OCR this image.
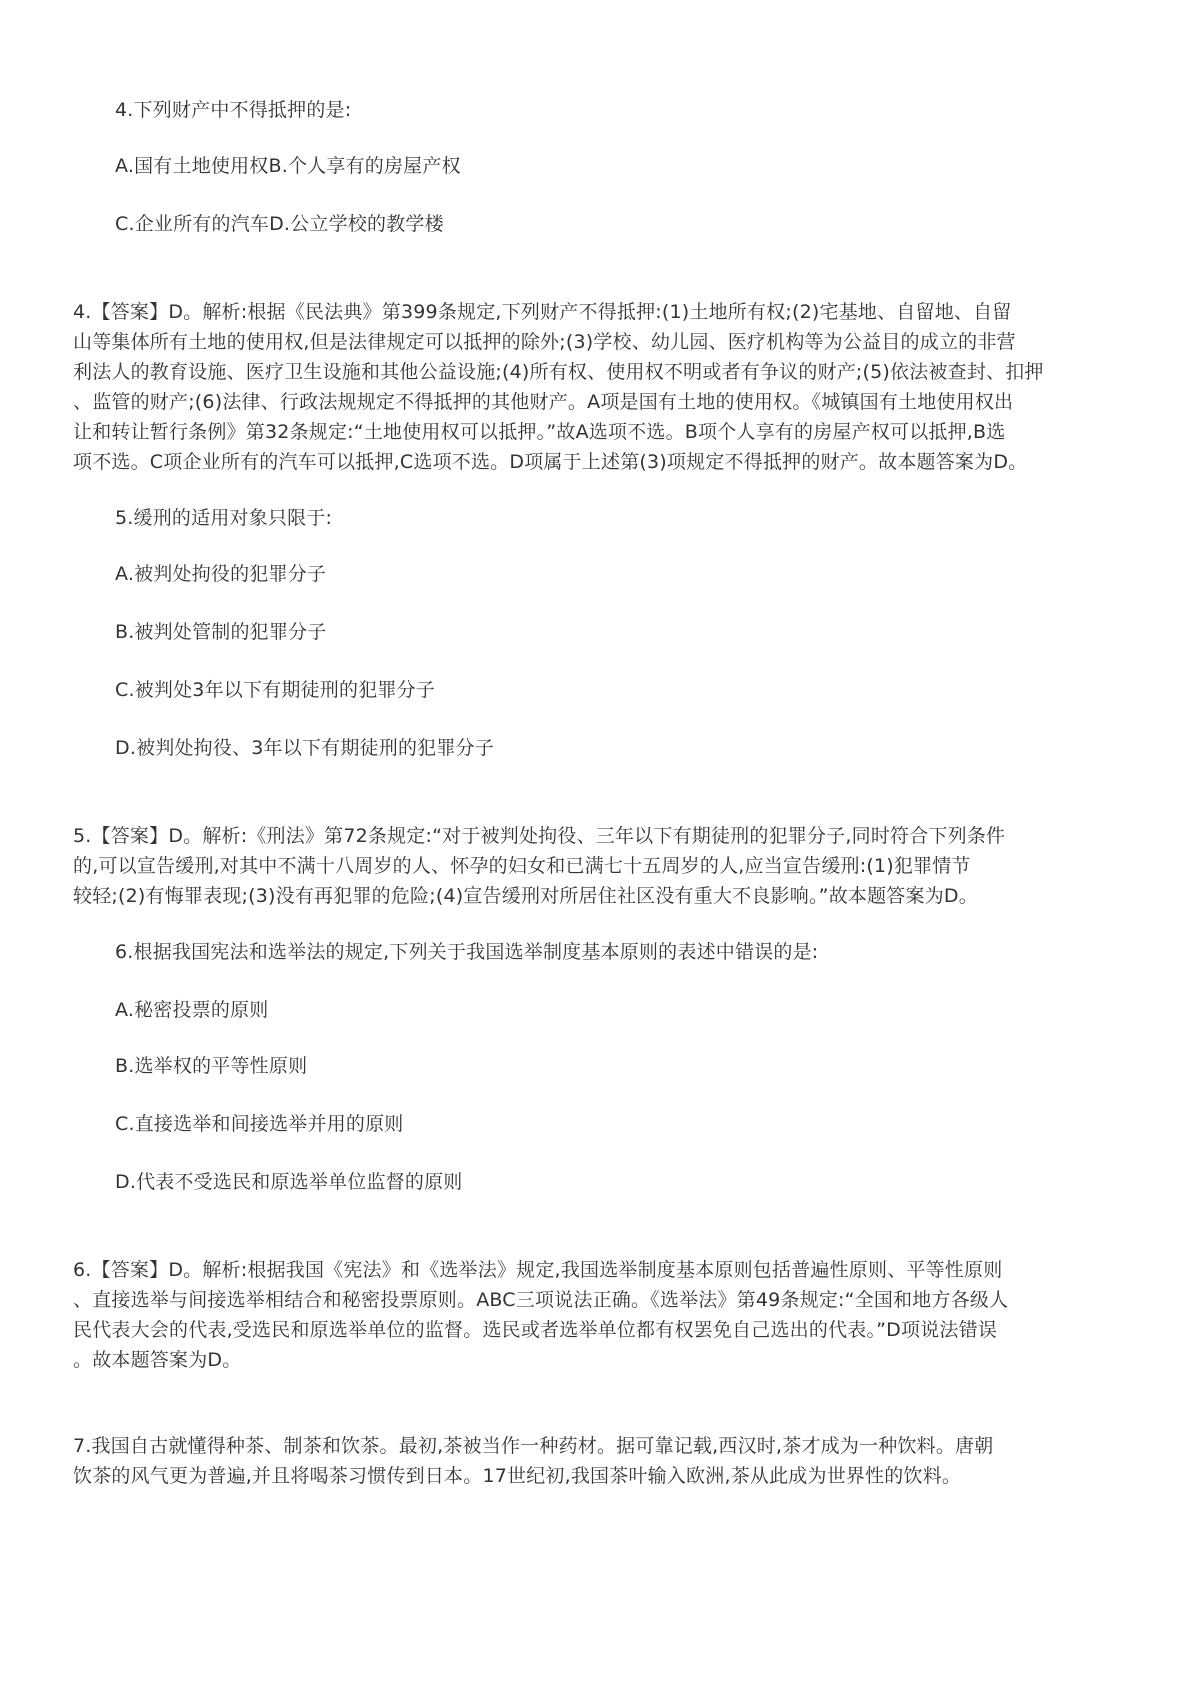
4.下列财产中不得抵押的是:
A.国有土地使用权B.个人享有的房屋产权
C.企业所有的汽车D.公立学校的教学楼
4.【答案】D。解析:根据《民法典》第399条规定,下列财产不得抵押:(1)土地所有权;(2)宅基地、自留地、自留
山等集体所有土地的使用权,但是法律规定可以抵押的除外;(3)学校、幼儿园、医疗机构等为公益目的成立的非营
利法人的教育设施、医疗卫生设施和其他公益设施;(4)所有权、使用权不明或者有争议的财产;(5)依法被查封、扣押
、监管的财产;(6)法律、行政法规规定不得抵押的其他财产。A项是国有土地的使用权。《城镇国有土地使用权出
让和转让暂行条例》第32条规定:“土地使用权可以抵押。”故A选项不选。B项个人享有的房屋产权可以抵押,B选
项不选。C项企业所有的汽车可以抵押,C选项不选。D项属于上述第(3)项规定不得抵押的财产。故本题答案为D。
5.缓刑的适用对象只限于:
A.被判处拘役的犯罪分子
B.被判处管制的犯罪分子
C.被判处3年以下有期徒刑的犯罪分子
D.被判处拘役、3年以下有期徒刑的犯罪分子
5.【答案】D。解析:《刑法》第72条规定:“对于被判处拘役、三年以下有期徒刑的犯罪分子,同时符合下列条件
的,可以宣告缓刑,对其中不满十八周岁的人、怀孕的妇女和已满七十五周岁的人,应当宣告缓刑:(1)犯罪情节
较轻;(2)有悔罪表现;(3)没有再犯罪的危险;(4)宣告缓刑对所居住社区没有重大不良影响。”故本题答案为D。
6.根据我国宪法和选举法的规定,下列关于我国选举制度基本原则的表述中错误的是:
A.秘密投票的原则
B.选举权的平等性原则
C.直接选举和间接选举并用的原则
D.代表不受选民和原选举单位监督的原则
6.【答案】D。解析:根据我国《宪法》和《选举法》规定,我国选举制度基本原则包括普遍性原则、平等性原则
、直接选举与间接选举相结合和秘密投票原则。ABC三项说法正确。《选举法》第49条规定:“全国和地方各级人
民代表大会的代表,受选民和原选举单位的监督。选民或者选举单位都有权罢免自己选出的代表。”D项说法错误
。故本题答案为D。
7.我国自古就懂得种茶、制茶和饮茶。最初,茶被当作一种药材。据可靠记载,西汉时,茶才成为一种饮料。唐朝
饮茶的风气更为普遍,并且将喝茶习惯传到日本。17世纪初,我国茶叶输入欧洲,茶从此成为世界性的饮料。
